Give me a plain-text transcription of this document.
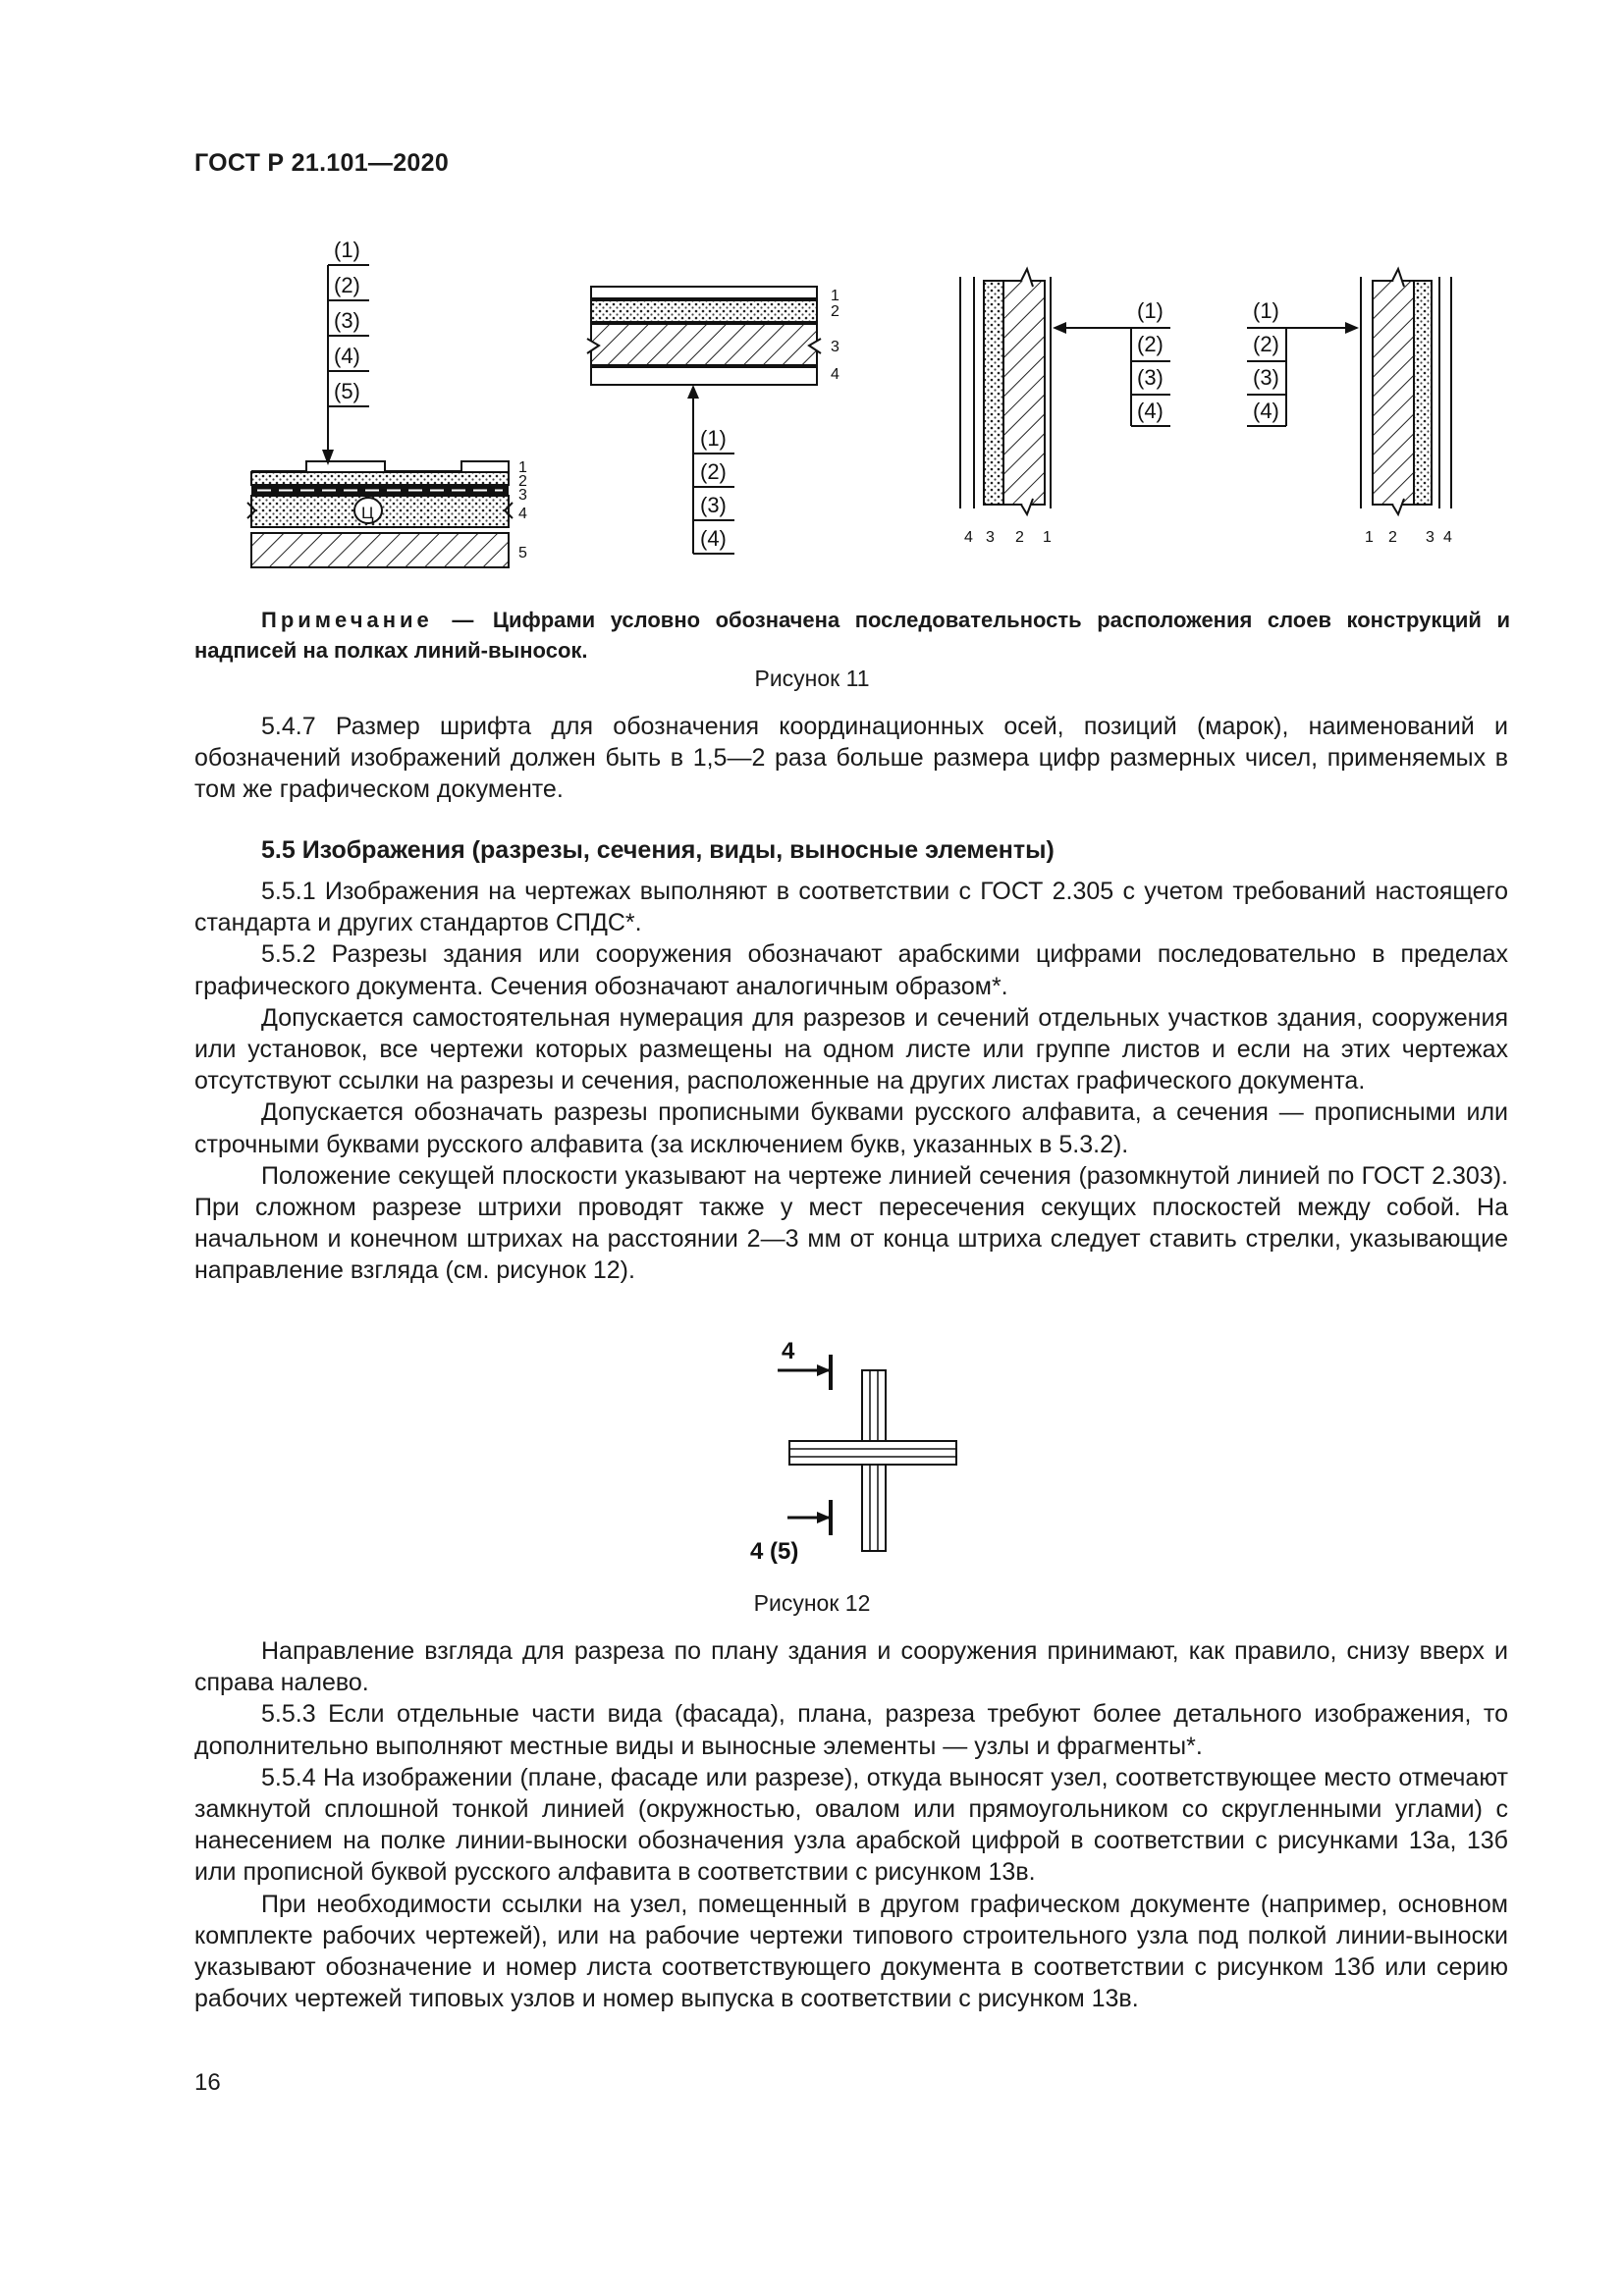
ГОСТ Р 21.101—2020
(1)
(2)
(3)
(4)
(5)
Ц
1
2
3
4
5
1
2
3
4
(1)
(2)
(3)
(4)
(1)
(2)
(3)
(4)
4 3 2 1
(1)
(2)
(3)
(4)
1 2 3 4
Примечание — Цифрами условно обозначена последовательность расположения слоев конструкций и надписей на полках линий-выносок.
Рисунок 11

5.4.7 Размер шрифта для обозначения координационных осей, позиций (марок), наименований и обозначений изображений должен быть в 1,5—2 раза больше размера цифр размерных чисел, применяемых в том же графическом документе.

5.5 Изображения (разрезы, сечения, виды, выносные элементы)

5.5.1 Изображения на чертежах выполняют в соответствии с ГОСТ 2.305 с учетом требований настоящего стандарта и других стандартов СПДС*.

5.5.2 Разрезы здания или сооружения обозначают арабскими цифрами последовательно в пределах графического документа. Сечения обозначают аналогичным образом*.

Допускается самостоятельная нумерация для разрезов и сечений отдельных участков здания, сооружения или установок, все чертежи которых размещены на одном листе или группе листов и если на этих чертежах отсутствуют ссылки на разрезы и сечения, расположенные на других листах графического документа.

Допускается обозначать разрезы прописными буквами русского алфавита, а сечения — прописными или строчными буквами русского алфавита (за исключением букв, указанных в 5.3.2).

Положение секущей плоскости указывают на чертеже линией сечения (разомкнутой линией по ГОСТ 2.303). При сложном разрезе штрихи проводят также у мест пересечения секущих плоскостей между собой. На начальном и конечном штрихах на расстоянии 2—3 мм от конца штриха следует ставить стрелки, указывающие направление взгляда (см. рисунок 12).

4
4 (5)
Рисунок 12

Направление взгляда для разреза по плану здания и сооружения принимают, как правило, снизу вверх и справа налево.

5.5.3 Если отдельные части вида (фасада), плана, разреза требуют более детального изображения, то дополнительно выполняют местные виды и выносные элементы — узлы и фрагменты*.

5.5.4 На изображении (плане, фасаде или разрезе), откуда выносят узел, соответствующее место отмечают замкнутой сплошной тонкой линией (окружностью, овалом или прямоугольником со скругленными углами) с нанесением на полке линии-выноски обозначения узла арабской цифрой в соответствии с рисунками 13а, 13б или прописной буквой русского алфавита в соответствии с рисунком 13в.

При необходимости ссылки на узел, помещенный в другом графическом документе (например, основном комплекте рабочих чертежей), или на рабочие чертежи типового строительного узла под полкой линии-выноски указывают обозначение и номер листа соответствующего документа в соответствии с рисунком 13б или серию рабочих чертежей типовых узлов и номер выпуска в соответствии с рисунком 13в.

16
